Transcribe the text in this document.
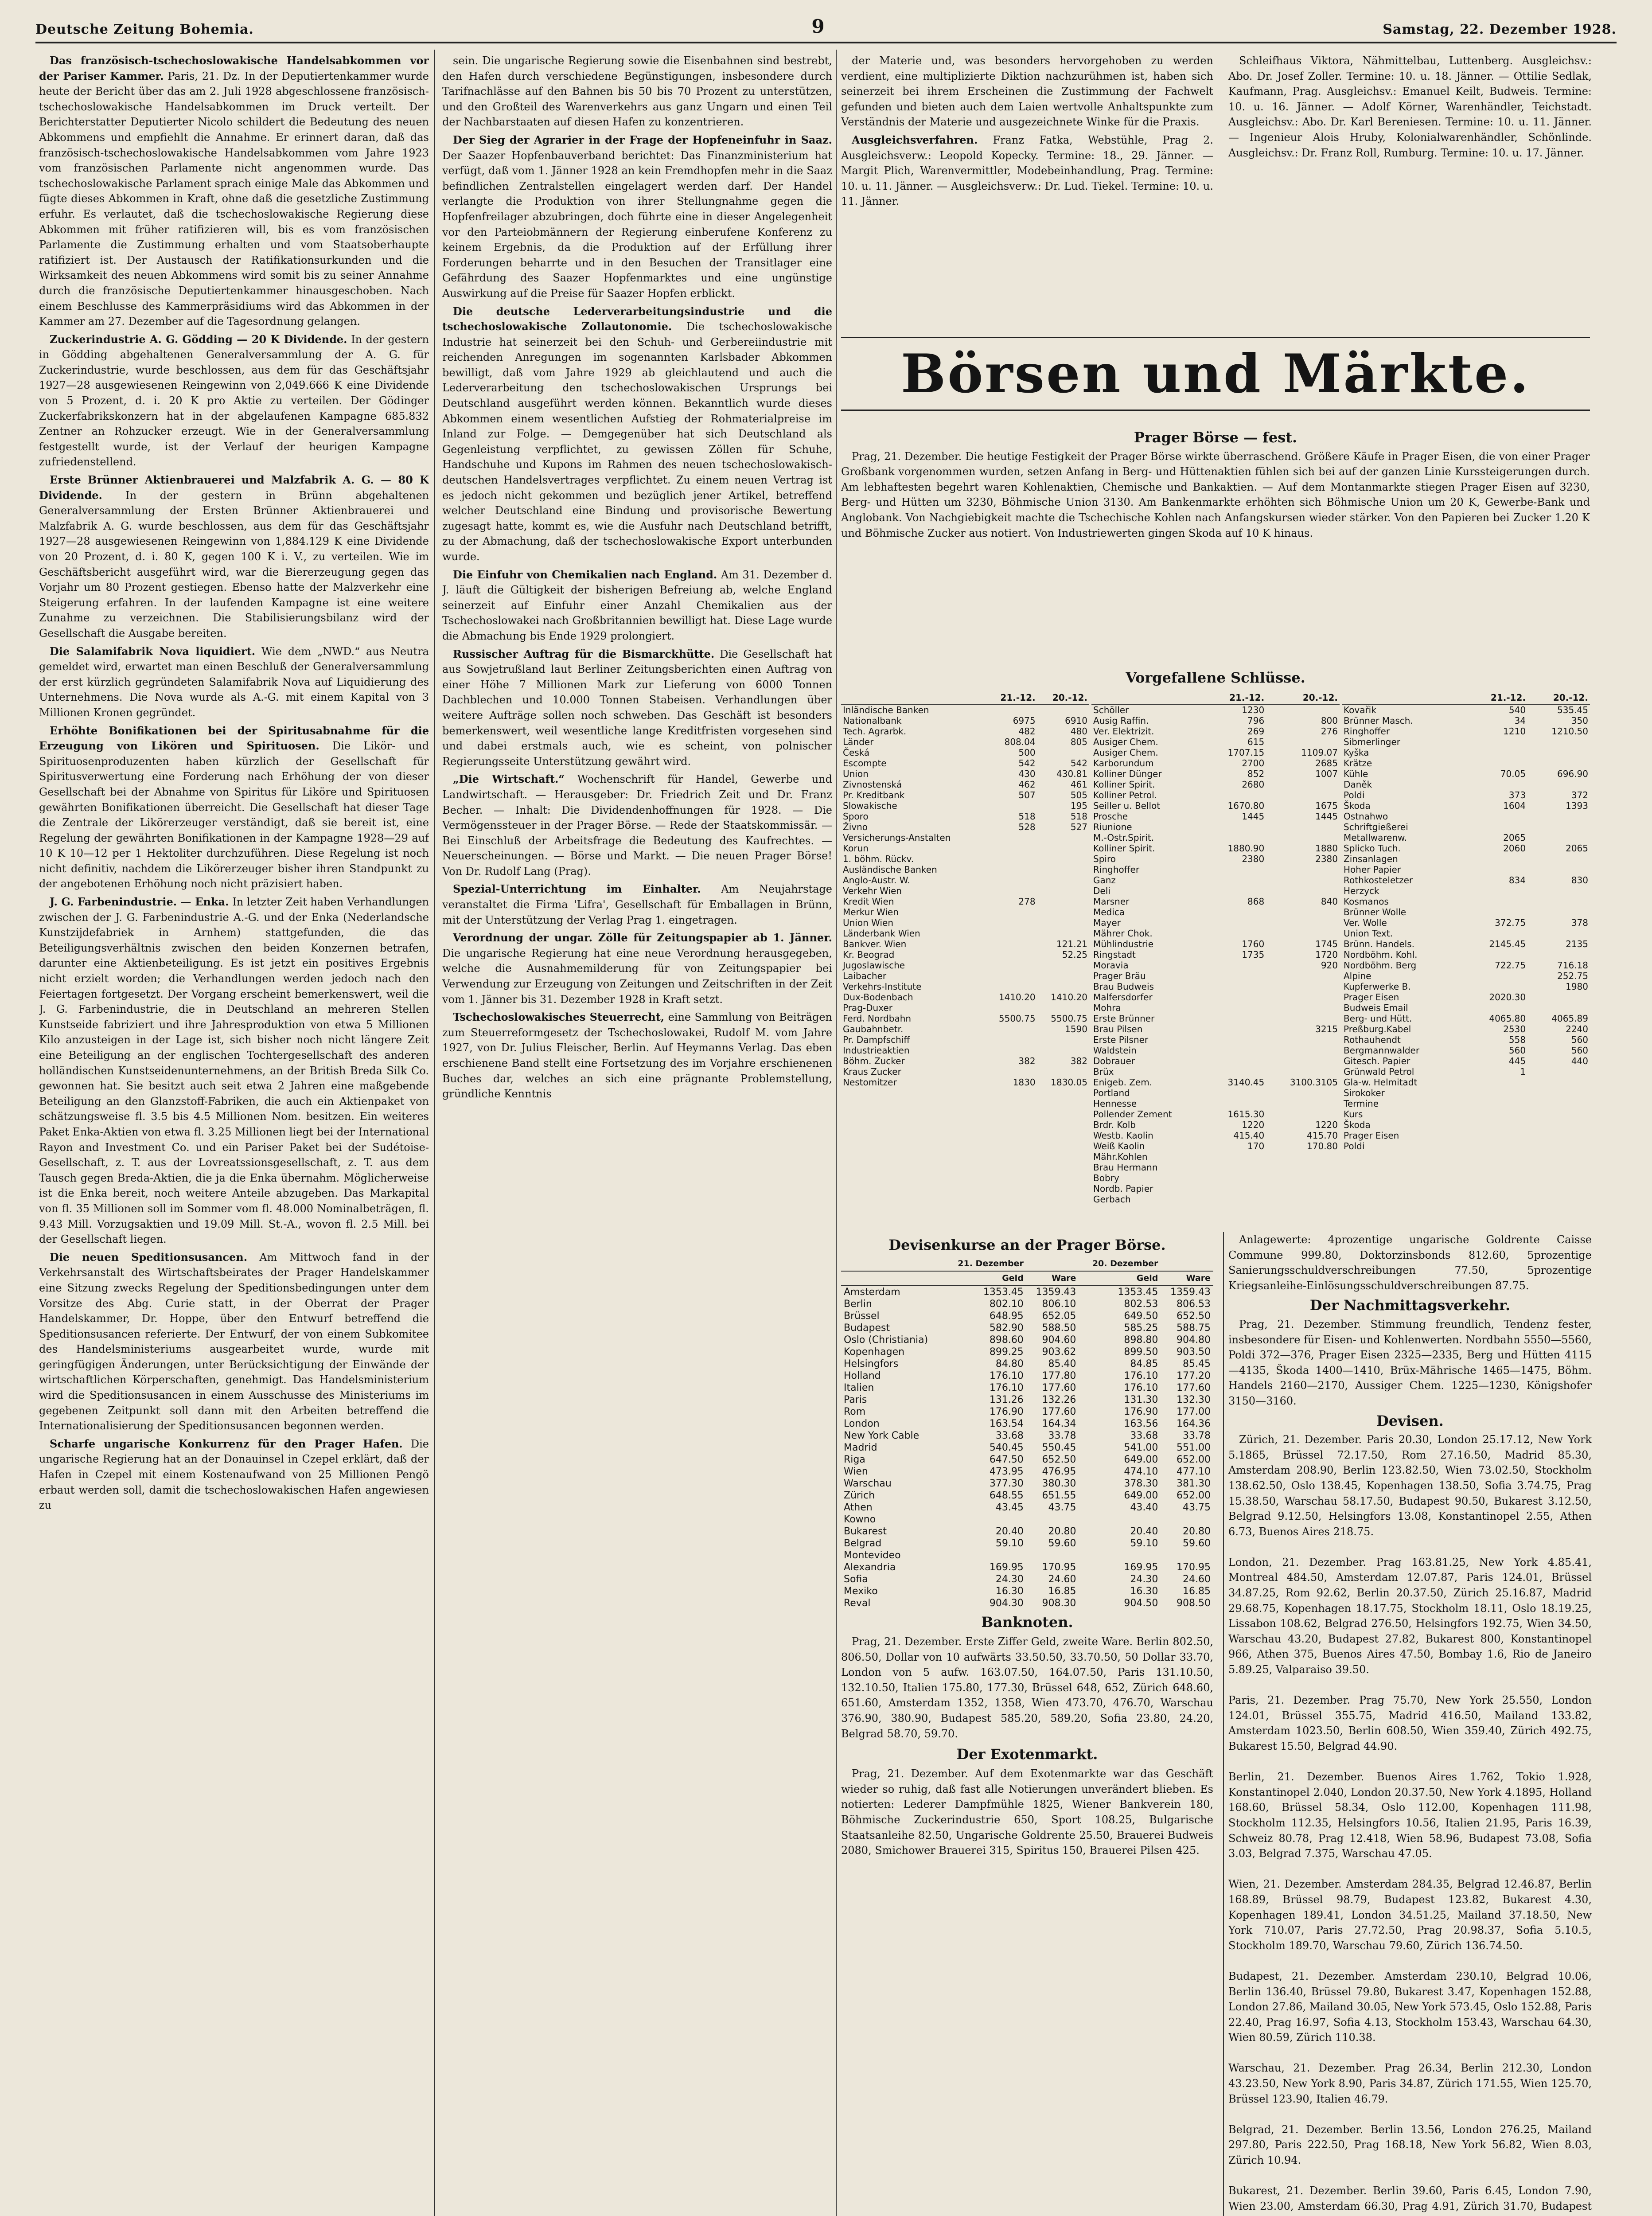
Deutsche Zeitung Bohemia.	9	Samstag, 22. Dezember 1928.

Das französisch-tschechoslowakische Handelsabkommen vor der Pariser Kammer. Paris, 21. Dz. In der Deputiertenkammer wurde heute der Bericht über das am 2. Juli 1928 abgeschlossene französisch-tschechoslowakische Handelsabkommen im Druck verteilt. Der Berichterstatter Deputierter Nicolo schildert die Bedeutung des neuen Abkommens und empfiehlt die Annahme. Er erinnert daran, daß das französisch-tschechoslowakische Handelsabkommen vom Jahre 1923 vom französischen Parlamente nicht angenommen wurde. Das tschechoslowakische Parlament sprach einige Male das Abkommen und fügte dieses Abkommen in Kraft, ohne daß die gesetzliche Zustimmung erfuhr. Es verlautet, daß die tschechoslowakische Regierung diese Abkommen mit früher ratifizieren will, bis es vom französischen Parlamente die Zustimmung erhalten und vom Staatsoberhaupte ratifiziert ist. Der Austausch der Ratifikationsurkunden und die Wirksamkeit des neuen Abkommens wird somit bis zu seiner Annahme durch die französische Deputiertenkammer hinausgeschoben. Nach einem Beschlusse des Kammerpräsidiums wird das Abkommen in der Kammer am 27. Dezember auf die Tagesordnung gelangen.

Zuckerindustrie A. G. Gödding — 20 K Dividende. In der gestern in Gödding abgehaltenen Generalversammlung der A. G. für Zuckerindustrie, wurde beschlossen, aus dem für das Geschäftsjahr 1927—28 ausgewiesenen Reingewinn von 2,049.666 K eine Dividende von 5 Prozent, d. i. 20 K pro Aktie zu verteilen. Der Gödinger Zuckerfabrikskonzern hat in der abgelaufenen Kampagne 685.832 Zentner an Rohzucker erzeugt. Wie in der Generalversammlung festgestellt wurde, ist der Verlauf der heurigen Kampagne zufriedenstellend.

Erste Brünner Aktienbrauerei und Malzfabrik A. G. — 80 K Dividende. In der gestern in Brünn abgehaltenen Generalversammlung der Ersten Brünner Aktienbrauerei und Malzfabrik A. G. wurde beschlossen, aus dem für das Geschäftsjahr 1927—28 ausgewiesenen Reingewinn von 1,884.129 K eine Dividende von 20 Prozent, d. i. 80 K, gegen 100 K i. V., zu verteilen. Wie im Geschäftsbericht ausgeführt wird, war die Biererzeugung gegen das Vorjahr um 80 Prozent gestiegen. Ebenso hatte der Malzverkehr eine Steigerung erfahren. In der laufenden Kampagne ist eine weitere Zunahme zu verzeichnen. Die Stabilisierungsbilanz wird der Gesellschaft die Ausgabe bereiten.

Die Salamifabrik Nova liquidiert. Wie dem „NWD.“ aus Neutra gemeldet wird, erwartet man einen Beschluß der Generalversammlung der erst kürzlich gegründeten Salamifabrik Nova auf Liquidierung des Unternehmens. Die Nova wurde als A.-G. mit einem Kapital von 3 Millionen Kronen gegründet.

Erhöhte Bonifikationen bei der Spiritusabnahme für die Erzeugung von Likören und Spirituosen. Die Likör- und Spirituosenproduzenten haben kürzlich der Gesellschaft für Spiritusverwertung eine Forderung nach Erhöhung der von dieser Gesellschaft bei der Abnahme von Spiritus für Liköre und Spirituosen gewährten Bonifikationen überreicht. Die Gesellschaft hat dieser Tage die Zentrale der Likörerzeuger verständigt, daß sie bereit ist, eine Regelung der gewährten Bonifikationen in der Kampagne 1928—29 auf 10 K 10—12 per 1 Hektoliter durchzuführen. Diese Regelung ist noch nicht definitiv, nachdem die Likörerzeuger bisher ihren Standpunkt zu der angebotenen Erhöhung noch nicht präzisiert haben.

J. G. Farbenindustrie. — Enka. In letzter Zeit haben Verhandlungen zwischen der J. G. Farbenindustrie A.-G. und der Enka (Nederlandsche Kunstzijdefabriek in Arnhem) stattgefunden, die das Beteiligungsverhältnis zwischen den beiden Konzernen betrafen, darunter eine Aktienbeteiligung. Es ist jetzt ein positives Ergebnis nicht erzielt worden; die Verhandlungen werden jedoch nach den Feiertagen fortgesetzt. Der Vorgang erscheint bemerkenswert, weil die J. G. Farbenindustrie, die in Deutschland an mehreren Stellen Kunstseide fabriziert und ihre Jahresproduktion von etwa 5 Millionen Kilo anzusteigen in der Lage ist, sich bisher noch nicht längere Zeit eine Beteiligung an der englischen Tochtergesellschaft des anderen holländischen Kunstseidenunternehmens, an der British Breda Silk Co. gewonnen hat. Sie besitzt auch seit etwa 2 Jahren eine maßgebende Beteiligung an den Glanzstoff-Fabriken, die auch ein Aktienpaket von schätzungsweise fl. 3.5 bis 4.5 Millionen Nom. besitzen. Ein weiteres Paket Enka-Aktien von etwa fl. 3.25 Millionen liegt bei der International Rayon and Investment Co. und ein Pariser Paket bei der Sudétoise-Gesellschaft, z. T. aus der Lovreatssionsgesellschaft, z. T. aus dem Tausch gegen Breda-Aktien, die ja die Enka übernahm. Möglicherweise ist die Enka bereit, noch weitere Anteile abzugeben. Das Markapital von fl. 35 Millionen soll im Sommer vom fl. 48.000 Nominalbeträgen, fl. 9.43 Mill. Vorzugsaktien und 19.09 Mill. St.-A., wovon fl. 2.5 Mill. bei der Gesellschaft liegen.

Die neuen Speditionsusancen. Am Mittwoch fand in der Verkehrsanstalt des Wirtschaftsbeirates der Prager Handelskammer eine Sitzung zwecks Regelung der Speditionsbedingungen unter dem Vorsitze des Abg. Curie statt, in der Oberrat der Prager Handelskammer, Dr. Hoppe, über den Entwurf betreffend die Speditionsusancen referierte. Der Entwurf, der von einem Subkomitee des Handelsministeriums ausgearbeitet wurde, wurde mit geringfügigen Änderungen, unter Berücksichtigung der Einwände der wirtschaftlichen Körperschaften, genehmigt. Das Handelsministerium wird die Speditionsusancen in einem Ausschusse des Ministeriums im gegebenen Zeitpunkt soll dann mit den Arbeiten betreffend die Internationalisierung der Speditionsusancen begonnen werden.

Scharfe ungarische Konkurrenz für den Prager Hafen. Die ungarische Regierung hat an der Donauinsel in Czepel erklärt, daß der Hafen in Czepel mit einem Kostenaufwand von 25 Millionen Pengö erbaut werden soll, damit die tschechoslowakischen Hafen angewiesen zu

sein. Die ungarische Regierung sowie die Eisenbahnen sind bestrebt, den Hafen durch verschiedene Begünstigungen, insbesondere durch Tarifnachlässe auf den Bahnen bis 50 bis 70 Prozent zu unterstützen, und den Großteil des Warenverkehrs aus ganz Ungarn und einen Teil der Nachbarstaaten auf diesen Hafen zu konzentrieren.

Der Sieg der Agrarier in der Frage der Hopfeneinfuhr in Saaz. Der Saazer Hopfenbauverband berichtet: Das Finanzministerium hat verfügt, daß vom 1. Jänner 1928 an kein Fremdhopfen mehr in die Saaz befindlichen Zentralstellen eingelagert werden darf. Der Handel verlangte die Produktion von ihrer Stellungnahme gegen die Hopfenfreilager abzubringen, doch führte eine in dieser Angelegenheit vor den Parteiobmännern der Regierung einberufene Konferenz zu keinem Ergebnis, da die Produktion auf der Erfüllung ihrer Forderungen beharrte und in den Besuchen der Transitlager eine Gefährdung des Saazer Hopfenmarktes und eine ungünstige Auswirkung auf die Preise für Saazer Hopfen erblickt.

Die deutsche Lederverarbeitungsindustrie und die tschechoslowakische Zollautonomie. Die tschechoslowakische Industrie hat seinerzeit bei den Schuh- und Gerbereiindustrie mit reichenden Anregungen im sogenannten Karlsbader Abkommen bewilligt, daß vom Jahre 1929 ab gleichlautend und auch die Lederverarbeitung den tschechoslowakischen Ursprungs bei Deutschland ausgeführt werden können. Bekanntlich wurde dieses Abkommen einem wesentlichen Aufstieg der Rohmaterialpreise im Inland zur Folge. — Demgegenüber hat sich Deutschland als Gegenleistung verpflichtet, zu gewissen Zöllen für Schuhe, Handschuhe und Kupons im Rahmen des neuen tschechoslowakisch-deutschen Handelsvertrages verpflichtet. Zu einem neuen Vertrag ist es jedoch nicht gekommen und bezüglich jener Artikel, betreffend welcher Deutschland eine Bindung und provisorische Bewertung zugesagt hatte, kommt es, wie die Ausfuhr nach Deutschland betrifft, zu der Abmachung, daß der tschechoslowakische Export unterbunden wurde.

Die Einfuhr von Chemikalien nach England. Am 31. Dezember d. J. läuft die Gültigkeit der bisherigen Befreiung ab, welche England seinerzeit auf Einfuhr einer Anzahl Chemikalien aus der Tschechoslowakei nach Großbritannien bewilligt hat. Diese Lage wurde die Abmachung bis Ende 1929 prolongiert.

Russischer Auftrag für die Bismarckhütte. Die Gesellschaft hat aus Sowjetrußland laut Berliner Zeitungsberichten einen Auftrag von einer Höhe 7 Millionen Mark zur Lieferung von 6000 Tonnen Dachblechen und 10.000 Tonnen Stabeisen. Verhandlungen über weitere Aufträge sollen noch schweben. Das Geschäft ist besonders bemerkenswert, weil wesentliche lange Kreditfristen vorgesehen sind und dabei erstmals auch, wie es scheint, von polnischer Regierungsseite Unterstützung gewährt wird.

„Die Wirtschaft.“ Wochenschrift für Handel, Gewerbe und Landwirtschaft. — Herausgeber: Dr. Friedrich Zeit und Dr. Franz Becher. — Inhalt: Die Dividendenhoffnungen für 1928. — Die Vermögenssteuer in der Prager Börse. — Rede der Staatskommissär. — Bei Einschluß der Arbeitsfrage die Bedeutung des Kaufrechtes. — Neuerscheinungen. — Börse und Markt. — Die neuen Prager Börse! Von Dr. Rudolf Lang (Prag).

Spezial-Unterrichtung im Einhalter. Am Neujahrstage veranstaltet die Firma 'Lifra', Gesellschaft für Emballagen in Brünn, mit der Unterstützung der Verlag Prag 1. eingetragen.

Verordnung der ungar. Zölle für Zeitungspapier ab 1. Jänner. Die ungarische Regierung hat eine neue Verordnung herausgegeben, welche die Ausnahmemilderung für von Zeitungspapier bei Verwendung zur Erzeugung von Zeitungen und Zeitschriften in der Zeit vom 1. Jänner bis 31. Dezember 1928 in Kraft setzt.

Tschechoslowakisches Steuerrecht, eine Sammlung von Beiträgen zum Steuerreformgesetz der Tschechoslowakei, Rudolf M. vom Jahre 1927, von Dr. Julius Fleischer, Berlin. Auf Heymanns Verlag. Das eben erschienene Band stellt eine Fortsetzung des im Vorjahre erschienenen Buches dar, welches an sich eine prägnante Problemstellung, gründliche Kenntnis

der Materie und, was besonders hervorgehoben zu werden verdient, eine multiplizierte Diktion nachzurühmen ist, haben sich seinerzeit bei ihrem Erscheinen die Zustimmung der Fachwelt gefunden und bieten auch dem Laien wertvolle Anhaltspunkte zum Verständnis der Materie und ausgezeichnete Winke für die Praxis.

Ausgleichsverfahren. Franz Fatka, Webstühle, Prag 2. Ausgleichsverw.: Leopold Kopecky. Termine: 18., 29. Jänner. — Margit Plich, Warenvermittler, Modebeinhandlung, Prag. Termine: 10. u. 11. Jänner. — Ausgleichsverw.: Dr. Lud. Tiekel. Termine: 10. u. 11. Jänner.

Schleifhaus Viktora, Nähmittelbau, Luttenberg. Ausgleichsv.: Abo. Dr. Josef Zoller. Termine: 10. u. 18. Jänner. — Ottilie Sedlak, Kaufmann, Prag. Ausgleichsv.: Emanuel Keilt, Budweis. Termine: 10. u. 16. Jänner. — Adolf Körner, Warenhändler, Teichstadt. Ausgleichsv.: Abo. Dr. Karl Bereniesen. Termine: 10. u. 11. Jänner. — Ingenieur Alois Hruby, Kolonialwarenhändler, Schönlinde. Ausgleichsv.: Dr. Franz Roll, Rumburg. Termine: 10. u. 17. Jänner.

Börsen und Märkte.
Prager Börse — fest.

Prag, 21. Dezember. Die heutige Festigkeit der Prager Börse wirkte überraschend. Größere Käufe in Prager Eisen, die von einer Prager Großbank vorgenommen wurden, setzen Anfang in Berg- und Hüttenaktien fühlen sich bei auf der ganzen Linie Kurssteigerungen durch. Am lebhaftesten begehrt waren Kohlenaktien, Chemische und Bankaktien. — Auf dem Montanmarkte stiegen Prager Eisen auf 3230, Berg- und Hütten um 3230, Böhmische Union 3130. Am Bankenmarkte erhöhten sich Böhmische Union um 20 K, Gewerbe-Bank und Anglobank. Von Nachgiebigkeit machte die Tschechische Kohlen nach Anfangskursen wieder stärker. Von den Papieren bei Zucker 1.20 K und Böhmische Zucker aus notiert. Von Industriewerten gingen Skoda auf 10 K hinaus.

Vorgefallene Schlüsse.
	21.-12.	20.-12.
Inländische Banken		
Nationalbank	6975	6910
Tech. Agrarbk.	482	480
Länder	808.04	805
Česká	500	
Escompte	542	542
Union	430	430.81
Zivnostenská	462	461
Pr. Kreditbank	507	505
Slowakische		195
Sporo	518	518
Živno	528	527
Versicherungs-Anstalten		
Korun		
1. böhm. Rückv.		
Ausländische Banken		
Anglo-Austr. W.		
Verkehr Wien		
Kredit Wien	278	
Merkur Wien		
Union Wien		
Länderbank Wien		
Bankver. Wien		121.21
Kr. Beograd		52.25
Jugoslawische		
Laibacher		
Verkehrs-Institute		
Dux-Bodenbach	1410.20	1410.20
Prag-Duxer		
Ferd. Nordbahn	5500.75	5500.75
Gaubahnbetr.		1590
Pr. Dampfschiff		
Industrieaktien		
Böhm. Zucker	382	382
Kraus Zucker		
Nestomitzer	1830	1830.05
	21.-12.	20.-12.
Schöller	1230	
Ausig Raffin.	796	800
Ver. Elektrizit.	269	276
Ausiger Chem.	615	
Ausiger Chem.	1707.15	1109.07
Karborundum	2700	2685
Kolliner Dünger	852	1007
Kolliner Spirit.	2680	
Kolliner Petrol.		
Seiller u. Bellot	1670.80	1675
Prosche	1445	1445
Riunione		
M.-Ostr.Spirit.		
Kolliner Spirit.	1880.90	1880
Spiro	2380	2380
Ringhoffer		
Ganz		
Deli		
Marsner	868	840
Medica		
Mayer		
Mährer Chok.		
Mühlindustrie	1760	1745
Ringstadt	1735	1720
Moravia		920
Prager Bräu		
Brau Budweis		
Malfersdorfer		
Mohra		
Erste Brünner		
Brau Pilsen		3215
Erste Pilsner		
Waldstein		
Dobrauer		
Brüx		
Enigeb. Zem.	3140.45	3100.3105
Portland		
Hennesse		
Pollender Zement	1615.30	
Brdr. Kolb	1220	1220
Westb. Kaolin	415.40	415.70
Weiß Kaolin	170	170.80
Mähr.Kohlen		
Brau Hermann		
Bobry		
Nordb. Papier		
Gerbach		
	21.-12.	20.-12.
Kovařik	540	535.45
Brünner Masch.	34	350
Ringhoffer	1210	1210.50
Sibmerlinger		
Kyška		
Krätze		
Kühle	70.05	696.90
Daněk		
Poldi	373	372
Škoda	1604	1393
Ostnahwo		
Schriftgießerei		
Metallwarenw.	2065	
Splicko Tuch.	2060	2065
Zinsanlagen		
Hoher Papier		
Rothkosteletzer	834	830
Herzyck		
Kosmanos		
Brünner Wolle		
Ver. Wolle	372.75	378
Union Text.		
Brünn. Handels.	2145.45	2135
Nordböhm. Kohl.		
Nordböhm. Berg	722.75	716.18
Alpine		252.75
Kupferwerke B.		1980
Prager Eisen	2020.30	
Budweis Email		
Berg- und Hütt.	4065.80	4065.89
Preßburg.Kabel	2530	2240
Rothauhendt	558	560
Bergmannwalder	560	560
Gitesch. Papier	445	440
Grünwald Petrol	1	
Gla-w. Helmitadt		
Sirokoker		
Termine		
Kurs		
Škoda		
Prager Eisen		
Poldi		
Devisenkurse an der Prager Börse.
	21. Dezember		20. Dezember	
	Geld	Ware	Geld	Ware
Amsterdam	1353.45	1359.43	1353.45	1359.43
Berlin	802.10	806.10	802.53	806.53
Brüssel	648.95	652.05	649.50	652.50
Budapest	582.90	588.50	585.25	588.75
Oslo (Christiania)	898.60	904.60	898.80	904.80
Kopenhagen	899.25	903.62	899.50	903.50
Helsingfors	84.80	85.40	84.85	85.45
Holland	176.10	177.80	176.10	177.20
Italien	176.10	177.60	176.10	177.60
Paris	131.26	132.26	131.30	132.30
Rom	176.90	177.60	176.90	177.00
London	163.54	164.34	163.56	164.36
New York Cable	33.68	33.78	33.68	33.78
Madrid	540.45	550.45	541.00	551.00
Riga	647.50	652.50	649.00	652.00
Wien	473.95	476.95	474.10	477.10
Warschau	377.30	380.30	378.30	381.30
Zürich	648.55	651.55	649.00	652.00
Athen	43.45	43.75	43.40	43.75
Kowno				
Bukarest	20.40	20.80	20.40	20.80
Belgrad	59.10	59.60	59.10	59.60
Montevideo				
Alexandria	169.95	170.95	169.95	170.95
Sofia	24.30	24.60	24.30	24.60
Mexiko	16.30	16.85	16.30	16.85
Reval	904.30	908.30	904.50	908.50
Banknoten.

Prag, 21. Dezember. Erste Ziffer Geld, zweite Ware. Berlin 802.50, 806.50, Dollar von 10 aufwärts 33.50.50, 33.70.50, 50 Dollar 33.70, London von 5 aufw. 163.07.50, 164.07.50, Paris 131.10.50, 132.10.50, Italien 175.80, 177.30, Brüssel 648, 652, Zürich 648.60, 651.60, Amsterdam 1352, 1358, Wien 473.70, 476.70, Warschau 376.90, 380.90, Budapest 585.20, 589.20, Sofia 23.80, 24.20, Belgrad 58.70, 59.70.

Der Exotenmarkt.

Prag, 21. Dezember. Auf dem Exotenmarkte war das Geschäft wieder so ruhig, daß fast alle Notierungen unverändert blieben. Es notierten: Lederer Dampfmühle 1825, Wiener Bankverein 180, Böhmische Zuckerindustrie 650, Sport 108.25, Bulgarische Staatsanleihe 82.50, Ungarische Goldrente 25.50, Brauerei Budweis 2080, Smichower Brauerei 315, Spiritus 150, Brauerei Pilsen 425.

Anlagewerte: 4prozentige ungarische Goldrente Caisse Commune 999.80, Doktorzinsbonds 812.60, 5prozentige Sanierungsschuldverschreibungen 77.50, 5prozentige Kriegsanleihe-Einlösungsschuldverschreibungen 87.75.

Der Nachmittagsverkehr.

Prag, 21. Dezember. Stimmung freundlich, Tendenz fester, insbesondere für Eisen- und Kohlenwerten. Nordbahn 5550—5560, Poldi 372—376, Prager Eisen 2325—2335, Berg und Hütten 4115—4135, Škoda 1400—1410, Brüx-Mährische 1465—1475, Böhm. Handels 2160—2170, Aussiger Chem. 1225—1230, Königshofer 3150—3160.

Devisen.

Zürich, 21. Dezember. Paris 20.30, London 25.17.12, New York 5.1865, Brüssel 72.17.50, Rom 27.16.50, Madrid 85.30, Amsterdam 208.90, Berlin 123.82.50, Wien 73.02.50, Stockholm 138.62.50, Oslo 138.45, Kopenhagen 138.50, Sofia 3.74.75, Prag 15.38.50, Warschau 58.17.50, Budapest 90.50, Bukarest 3.12.50, Belgrad 9.12.50, Helsingfors 13.08, Konstantinopel 2.55, Athen 6.73, Buenos Aires 218.75.

London, 21. Dezember. Prag 163.81.25, New York 4.85.41, Montreal 484.50, Amsterdam 12.07.87, Paris 124.01, Brüssel 34.87.25, Rom 92.62, Berlin 20.37.50, Zürich 25.16.87, Madrid 29.68.75, Kopenhagen 18.17.75, Stockholm 18.11, Oslo 18.19.25, Lissabon 108.62, Belgrad 276.50, Helsingfors 192.75, Wien 34.50, Warschau 43.20, Budapest 27.82, Bukarest 800, Konstantinopel 966, Athen 375, Buenos Aires 47.50, Bombay 1.6, Rio de Janeiro 5.89.25, Valparaiso 39.50.

Paris, 21. Dezember. Prag 75.70, New York 25.550, London 124.01, Brüssel 355.75, Madrid 416.50, Mailand 133.82, Amsterdam 1023.50, Berlin 608.50, Wien 359.40, Zürich 492.75, Bukarest 15.50, Belgrad 44.90.

Berlin, 21. Dezember. Buenos Aires 1.762, Tokio 1.928, Konstantinopel 2.040, London 20.37.50, New York 4.1895, Holland 168.60, Brüssel 58.34, Oslo 112.00, Kopenhagen 111.98, Stockholm 112.35, Helsingfors 10.56, Italien 21.95, Paris 16.39, Schweiz 80.78, Prag 12.418, Wien 58.96, Budapest 73.08, Sofia 3.03, Belgrad 7.375, Warschau 47.05.

Wien, 21. Dezember. Amsterdam 284.35, Belgrad 12.46.87, Berlin 168.89, Brüssel 98.79, Budapest 123.82, Bukarest 4.30, Kopenhagen 189.41, London 34.51.25, Mailand 37.18.50, New York 710.07, Paris 27.72.50, Prag 20.98.37, Sofia 5.10.5, Stockholm 189.70, Warschau 79.60, Zürich 136.74.50.

Budapest, 21. Dezember. Amsterdam 230.10, Belgrad 10.06, Berlin 136.40, Brüssel 79.80, Bukarest 3.47, Kopenhagen 152.88, London 27.86, Mailand 30.05, New York 573.45, Oslo 152.88, Paris 22.40, Prag 16.97, Sofia 4.13, Stockholm 153.43, Warschau 64.30, Wien 80.59, Zürich 110.38.

Warschau, 21. Dezember. Prag 26.34, Berlin 212.30, London 43.23.50, New York 8.90, Paris 34.87, Zürich 171.55, Wien 125.70, Brüssel 123.90, Italien 46.79.

Belgrad, 21. Dezember. Berlin 13.56, London 276.25, Mailand 297.80, Paris 222.50, Prag 168.18, New York 56.82, Wien 8.03, Zürich 10.94.

Bukarest, 21. Dezember. Berlin 39.60, Paris 6.45, London 7.90, Wien 23.00, Amsterdam 66.30, Prag 4.91, Zürich 31.70, Budapest
